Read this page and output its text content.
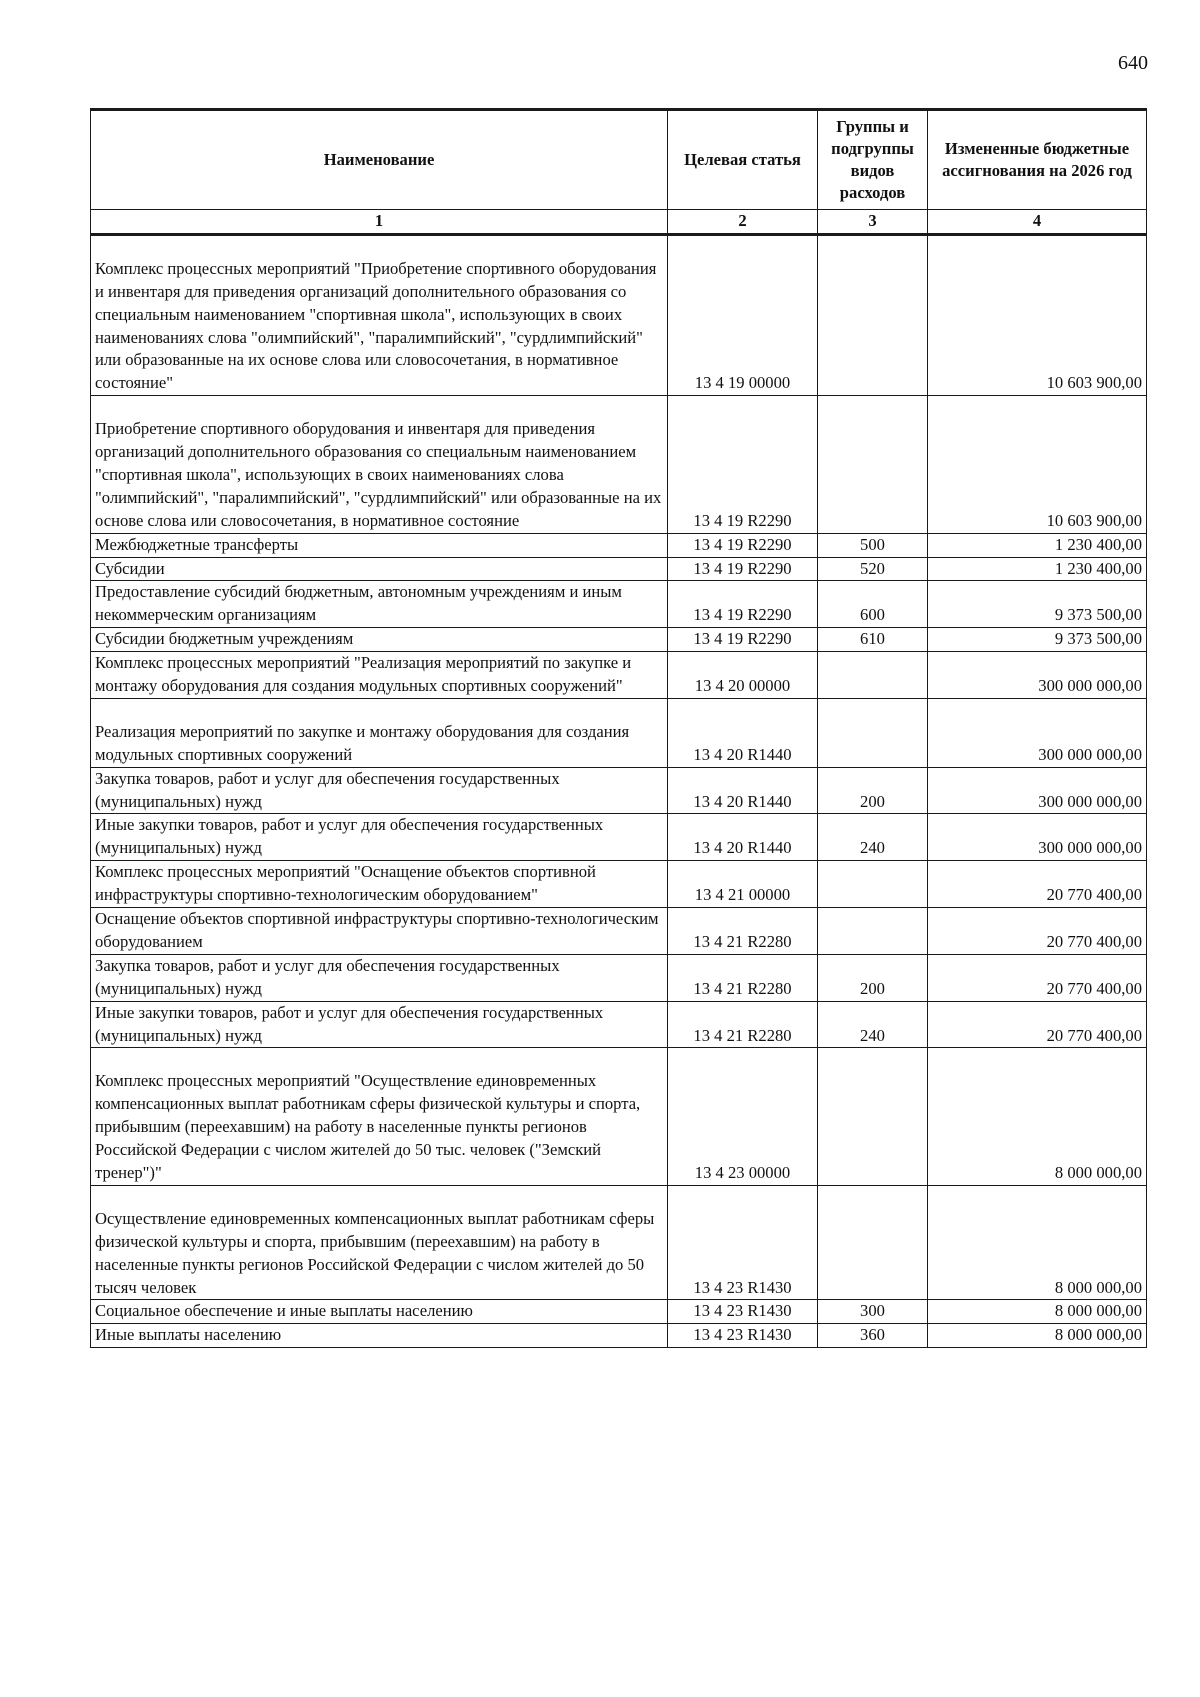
640
Наименование	Целевая статья	Группы и подгруппы видов расходов	Измененные бюджетные ассигнования на 2026 год
1	2	3	4
Комплекс процессных мероприятий "Приобретение спортивного оборудования и инвентаря для приведения организаций дополнительного образования со специальным наименованием "спортивная школа", использующих в своих наименованиях слова "олимпийский", "паралимпийский", "сурдлимпийский" или образованные на их основе слова или словосочетания, в нормативное состояние"	13 4 19 00000		10 603 900,00
Приобретение спортивного оборудования и инвентаря для приведения организаций дополнительного образования со специальным наименованием "спортивная школа", использующих в своих наименованиях слова "олимпийский", "паралимпийский", "сурдлимпийский" или образованные на их основе слова или словосочетания, в нормативное состояние	13 4 19 R2290		10 603 900,00
Межбюджетные трансферты	13 4 19 R2290	500	1 230 400,00
Субсидии	13 4 19 R2290	520	1 230 400,00
Предоставление субсидий бюджетным, автономным учреждениям и иным некоммерческим организациям	13 4 19 R2290	600	9 373 500,00
Субсидии бюджетным учреждениям	13 4 19 R2290	610	9 373 500,00
Комплекс процессных мероприятий "Реализация мероприятий по закупке и монтажу оборудования для создания модульных спортивных сооружений"	13 4 20 00000		300 000 000,00
Реализация мероприятий по закупке и монтажу оборудования для создания модульных спортивных сооружений	13 4 20 R1440		300 000 000,00
Закупка товаров, работ и услуг для обеспечения государственных (муниципальных) нужд	13 4 20 R1440	200	300 000 000,00
Иные закупки товаров, работ и услуг для обеспечения государственных (муниципальных) нужд	13 4 20 R1440	240	300 000 000,00
Комплекс процессных мероприятий "Оснащение объектов спортивной инфраструктуры спортивно-технологическим оборудованием"	13 4 21 00000		20 770 400,00
Оснащение объектов спортивной инфраструктуры спортивно-технологическим оборудованием	13 4 21 R2280		20 770 400,00
Закупка товаров, работ и услуг для обеспечения государственных (муниципальных) нужд	13 4 21 R2280	200	20 770 400,00
Иные закупки товаров, работ и услуг для обеспечения государственных (муниципальных) нужд	13 4 21 R2280	240	20 770 400,00
Комплекс процессных мероприятий "Осуществление единовременных компенсационных выплат работникам сферы физической культуры и спорта, прибывшим (переехавшим) на работу в населенные пункты регионов Российской Федерации с числом жителей до 50 тыс. человек ("Земский тренер")"	13 4 23 00000		8 000 000,00
Осуществление единовременных компенсационных выплат работникам сферы физической культуры и спорта, прибывшим (переехавшим) на работу в населенные пункты регионов Российской Федерации с числом жителей до 50 тысяч человек	13 4 23 R1430		8 000 000,00
Социальное обеспечение и иные выплаты населению	13 4 23 R1430	300	8 000 000,00
Иные выплаты населению	13 4 23 R1430	360	8 000 000,00
